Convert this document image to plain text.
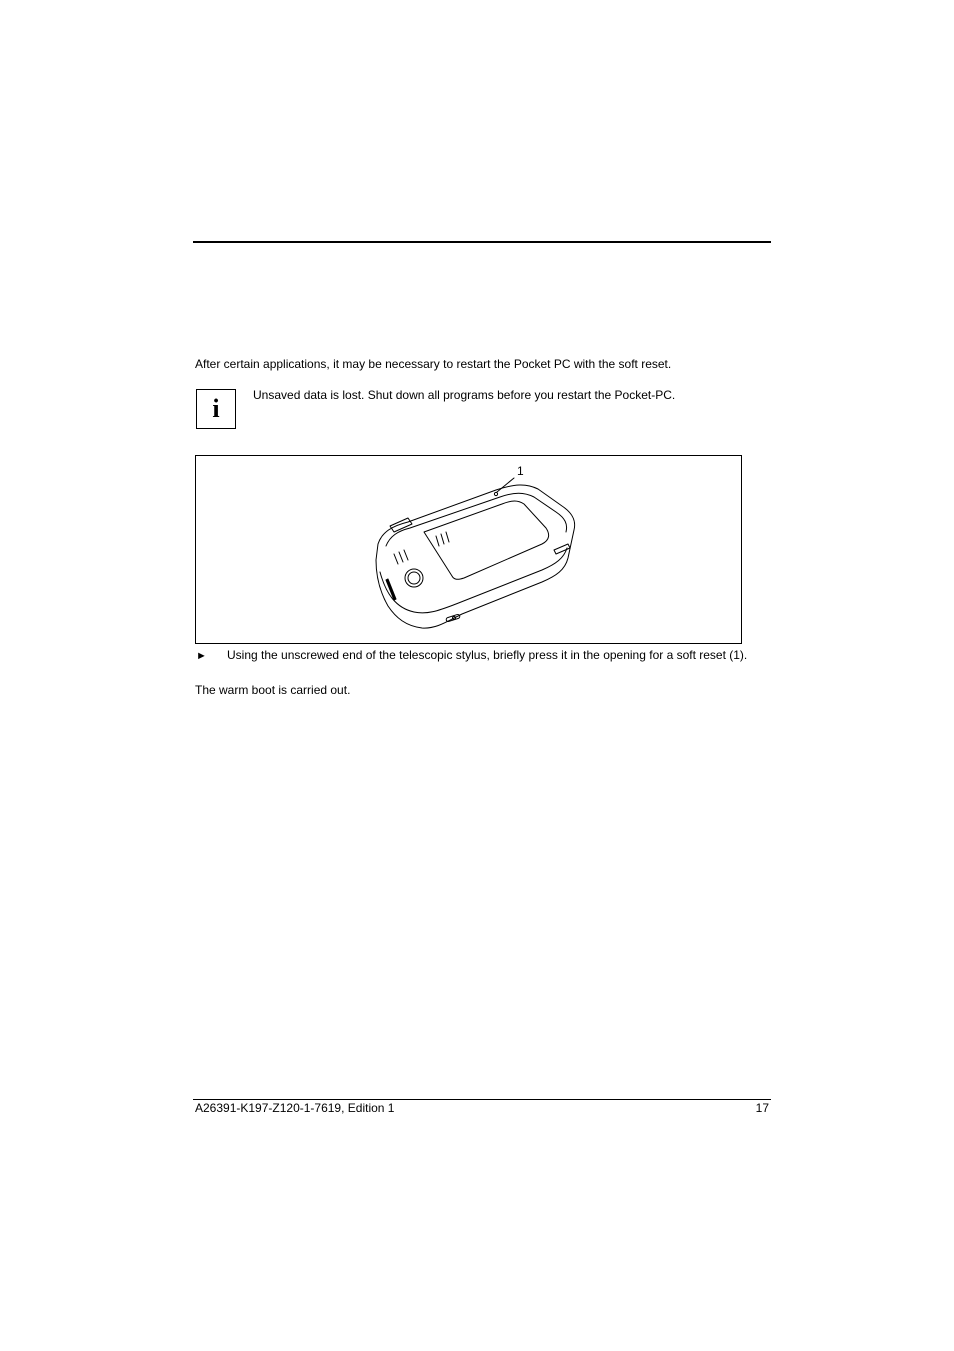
After certain applications, it may be necessary to restart the Pocket PC with the soft reset.
i	Unsaved data is lost. Shut down all programs before you restart the Pocket-PC.
1
► Using the unscrewed end of the telescopic stylus, briefly press it in the opening for a soft reset (1).
The warm boot is carried out.
A26391-K197-Z120-1-7619, Edition 1	17
